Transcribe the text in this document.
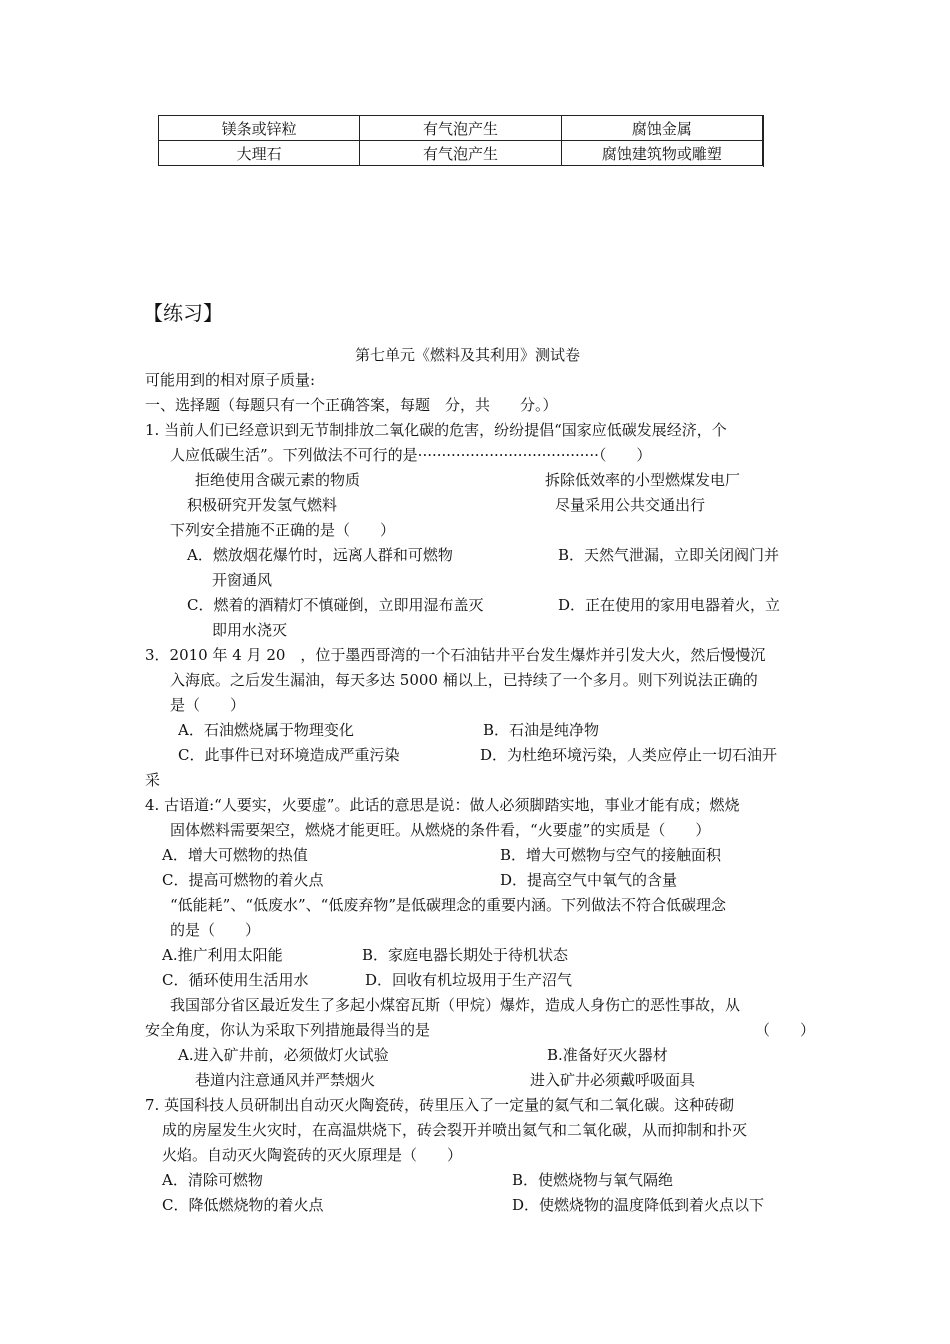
镁条或锌粒	有气泡产生	腐蚀金属
大理石	有气泡产生	腐蚀建筑物或雕塑
【练习】
第七单元《燃料及其利用》测试卷
可能用到的相对原子质量:
一、选择题（每题只有一个正确答案，每题　分，共　　分。）
1. 当前人们已经意识到无节制排放二氧化碳的危害，纷纷提倡“国家应低碳发展经济，个
人应低碳生活”。下列做法不可行的是······································（　　）
拒绝使用含碳元素的物质	拆除低效率的小型燃煤发电厂
积极研究开发氢气燃料	尽量采用公共交通出行
下列安全措施不正确的是（　　）
A．燃放烟花爆竹时，远离人群和可燃物	B．天然气泄漏，立即关闭阀门并
开窗通风
C．燃着的酒精灯不慎碰倒，立即用湿布盖灭	D．正在使用的家用电器着火，立
即用水浇灭
3．2010 年 4 月 20　，位于墨西哥湾的一个石油钻井平台发生爆炸并引发大火，然后慢慢沉
入海底。之后发生漏油，每天多达 5000 桶以上，已持续了一个多月。则下列说法正确的
是（　　）
A．石油燃烧属于物理变化	B．石油是纯净物
C．此事件已对环境造成严重污染	D．为杜绝环境污染，人类应停止一切石油开
采
4. 古语道:“人要实，火要虚”。此话的意思是说：做人必须脚踏实地，事业才能有成；燃烧
固体燃料需要架空，燃烧才能更旺。从燃烧的条件看，“火要虚”的实质是（　　）
A．增大可燃物的热值	B．增大可燃物与空气的接触面积
C．提高可燃物的着火点	D．提高空气中氧气的含量
“低能耗”、“低废水”、“低废弃物”是低碳理念的重要内涵。下列做法不符合低碳理念
的是（　　）
A.推广利用太阳能	B．家庭电器长期处于待机状态
C．循环使用生活用水	D．回收有机垃圾用于生产沼气
我国部分省区最近发生了多起小煤窑瓦斯（甲烷）爆炸，造成人身伤亡的恶性事故，从
安全角度，你认为采取下列措施最得当的是	（　　）
A.进入矿井前，必须做灯火试验	B.准备好灭火器材
巷道内注意通风并严禁烟火	进入矿井必须戴呼吸面具
7. 英国科技人员研制出自动灭火陶瓷砖，砖里压入了一定量的氦气和二氧化碳。这种砖砌
成的房屋发生火灾时，在高温烘烧下，砖会裂开并喷出氦气和二氧化碳，从而抑制和扑灭
火焰。自动灭火陶瓷砖的灭火原理是（　　）
A．清除可燃物	B．使燃烧物与氧气隔绝
C．降低燃烧物的着火点	D．使燃烧物的温度降低到着火点以下
